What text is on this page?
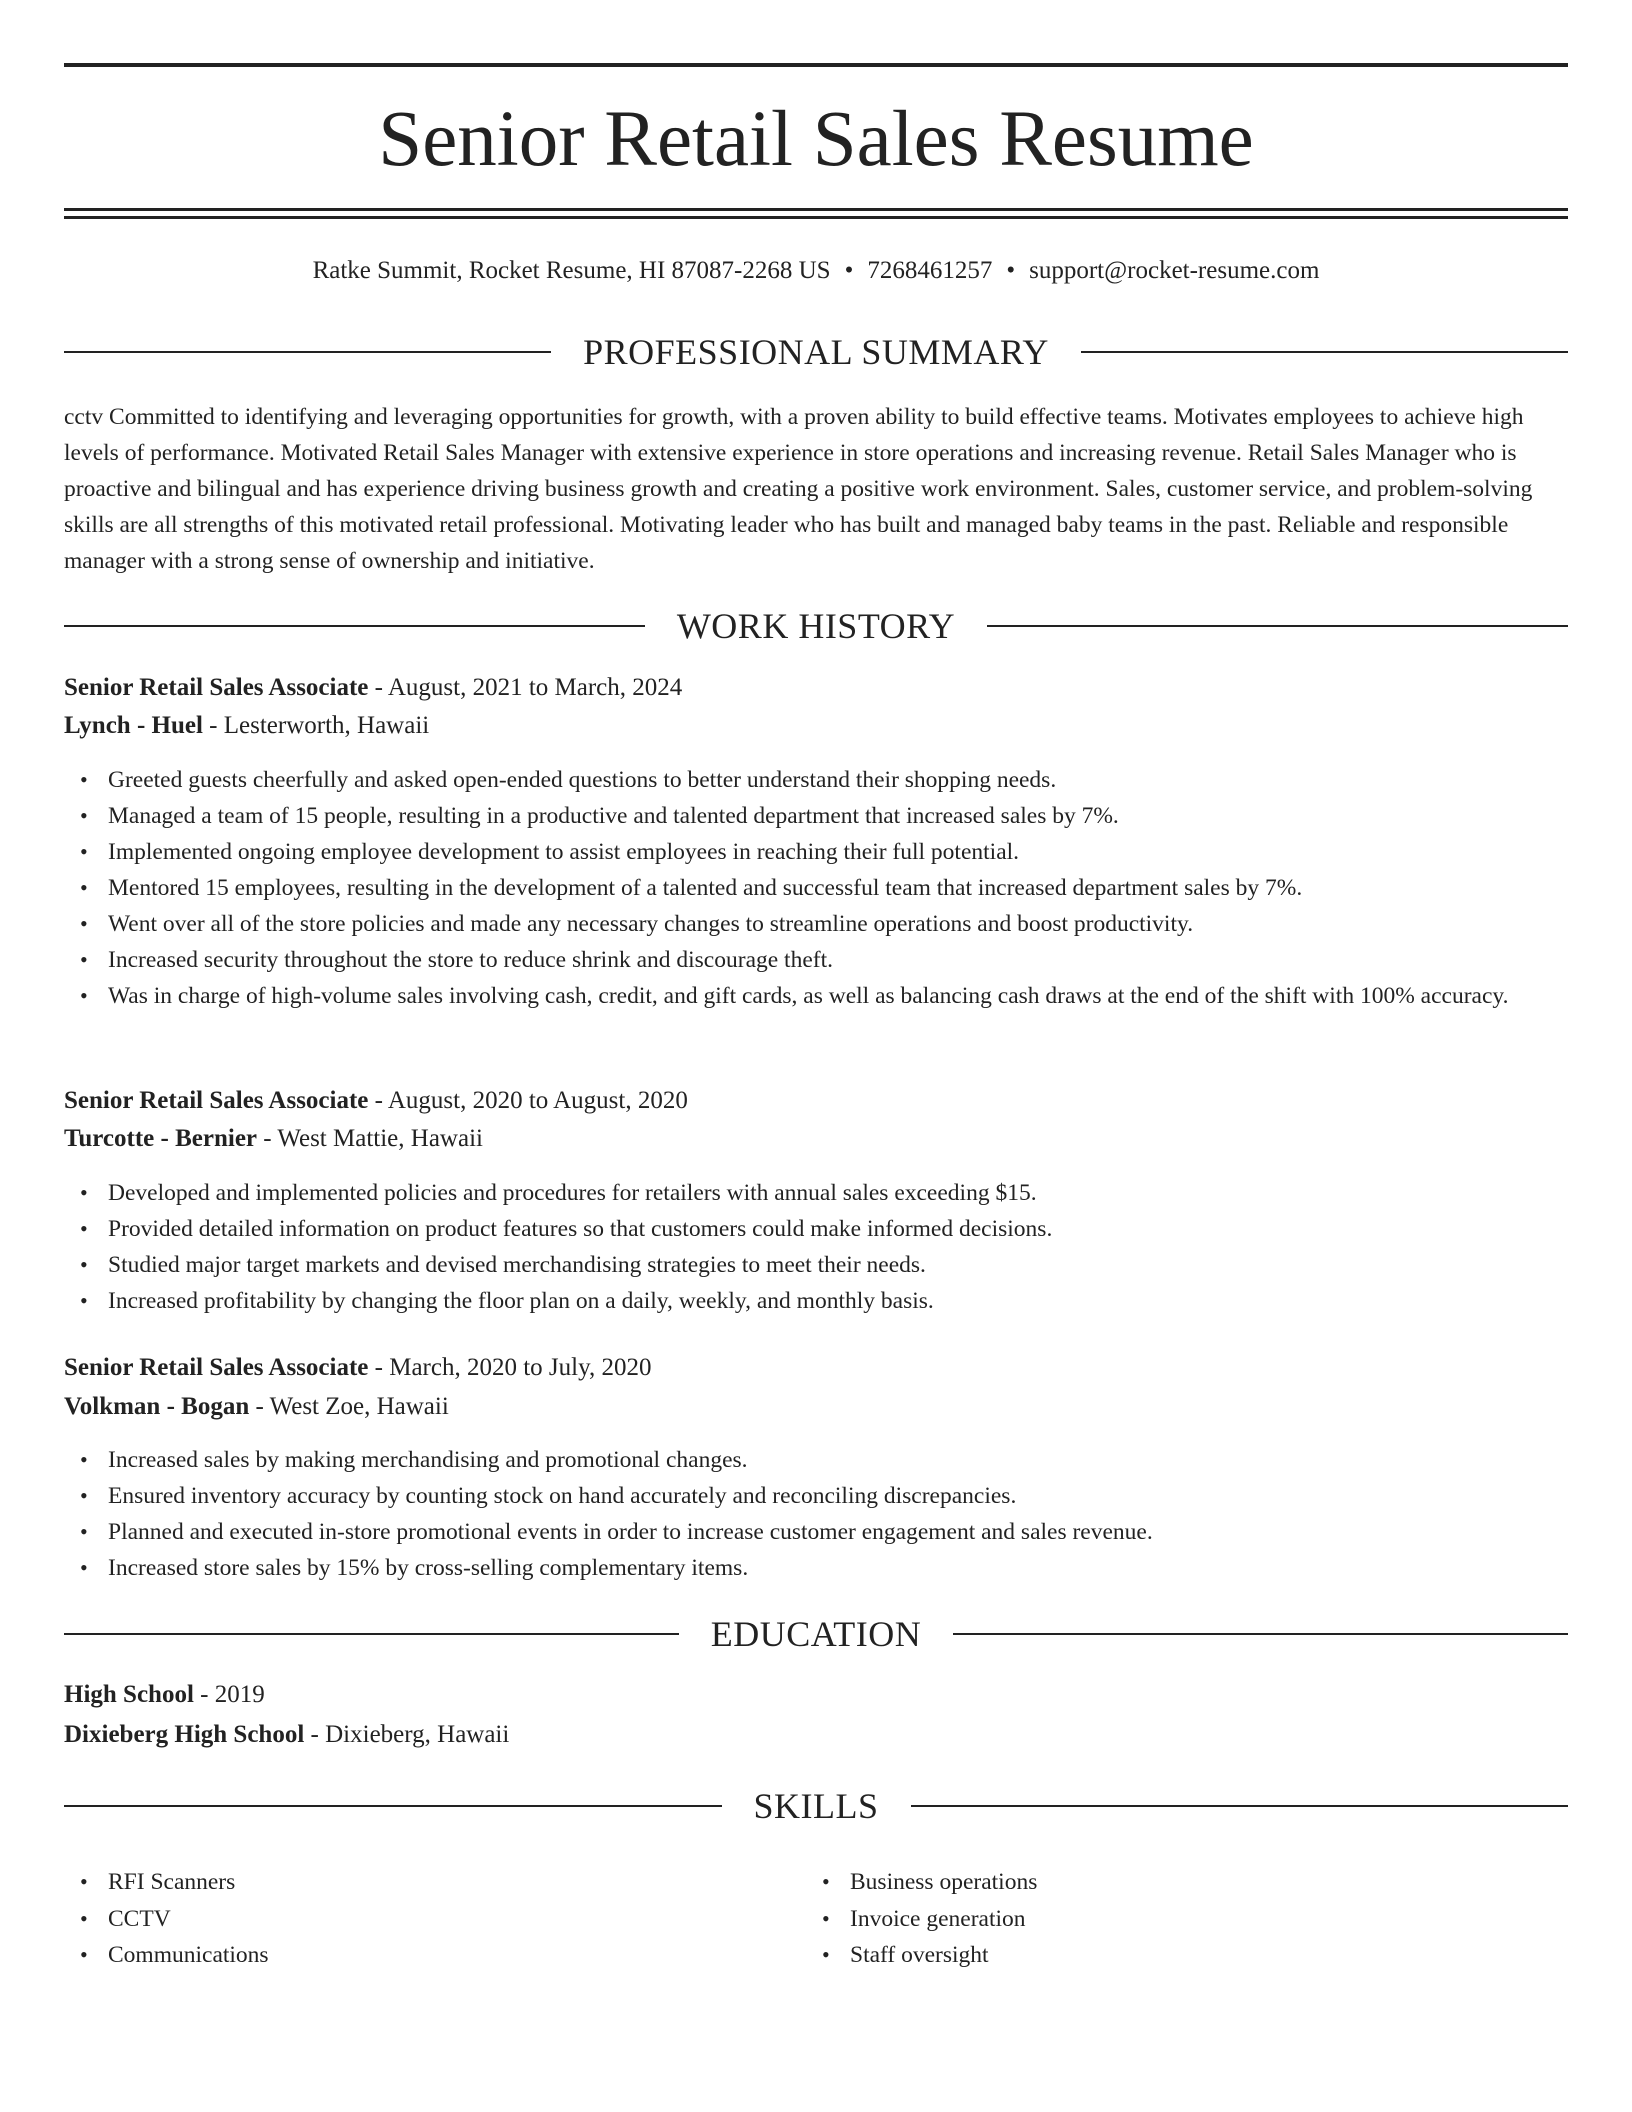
Senior Retail Sales Resume
Ratke Summit, Rocket Resume, HI 87087-2268 US • 7268461257 • support@rocket-resume.com
PROFESSIONAL SUMMARY

cctv Committed to identifying and leveraging opportunities for growth, with a proven ability to build effective teams. Motivates employees to achieve high levels of performance. Motivated Retail Sales Manager with extensive experience in store operations and increasing revenue. Retail Sales Manager who is proactive and bilingual and has experience driving business growth and creating a positive work environment. Sales, customer service, and problem-solving skills are all strengths of this motivated retail professional. Motivating leader who has built and managed baby teams in the past. Reliable and responsible manager with a strong sense of ownership and initiative.

WORK HISTORY
Senior Retail Sales Associate - August, 2021 to March, 2024
Lynch - Huel - Lesterworth, Hawaii
• Greeted guests cheerfully and asked open-ended questions to better understand their shopping needs.
• Managed a team of 15 people, resulting in a productive and talented department that increased sales by 7%.
• Implemented ongoing employee development to assist employees in reaching their full potential.
• Mentored 15 employees, resulting in the development of a talented and successful team that increased department sales by 7%.
• Went over all of the store policies and made any necessary changes to streamline operations and boost productivity.
• Increased security throughout the store to reduce shrink and discourage theft.
• Was in charge of high-volume sales involving cash, credit, and gift cards, as well as balancing cash draws at the end of the shift with 100% accuracy.
Senior Retail Sales Associate - August, 2020 to August, 2020
Turcotte - Bernier - West Mattie, Hawaii
• Developed and implemented policies and procedures for retailers with annual sales exceeding $15.
• Provided detailed information on product features so that customers could make informed decisions.
• Studied major target markets and devised merchandising strategies to meet their needs.
• Increased profitability by changing the floor plan on a daily, weekly, and monthly basis.
Senior Retail Sales Associate - March, 2020 to July, 2020
Volkman - Bogan - West Zoe, Hawaii
• Increased sales by making merchandising and promotional changes.
• Ensured inventory accuracy by counting stock on hand accurately and reconciling discrepancies.
• Planned and executed in-store promotional events in order to increase customer engagement and sales revenue.
• Increased store sales by 15% by cross-selling complementary items.
EDUCATION
High School - 2019
Dixieberg High School - Dixieberg, Hawaii
SKILLS
• RFI Scanners
• CCTV
• Communications
• Business operations
• Invoice generation
• Staff oversight
